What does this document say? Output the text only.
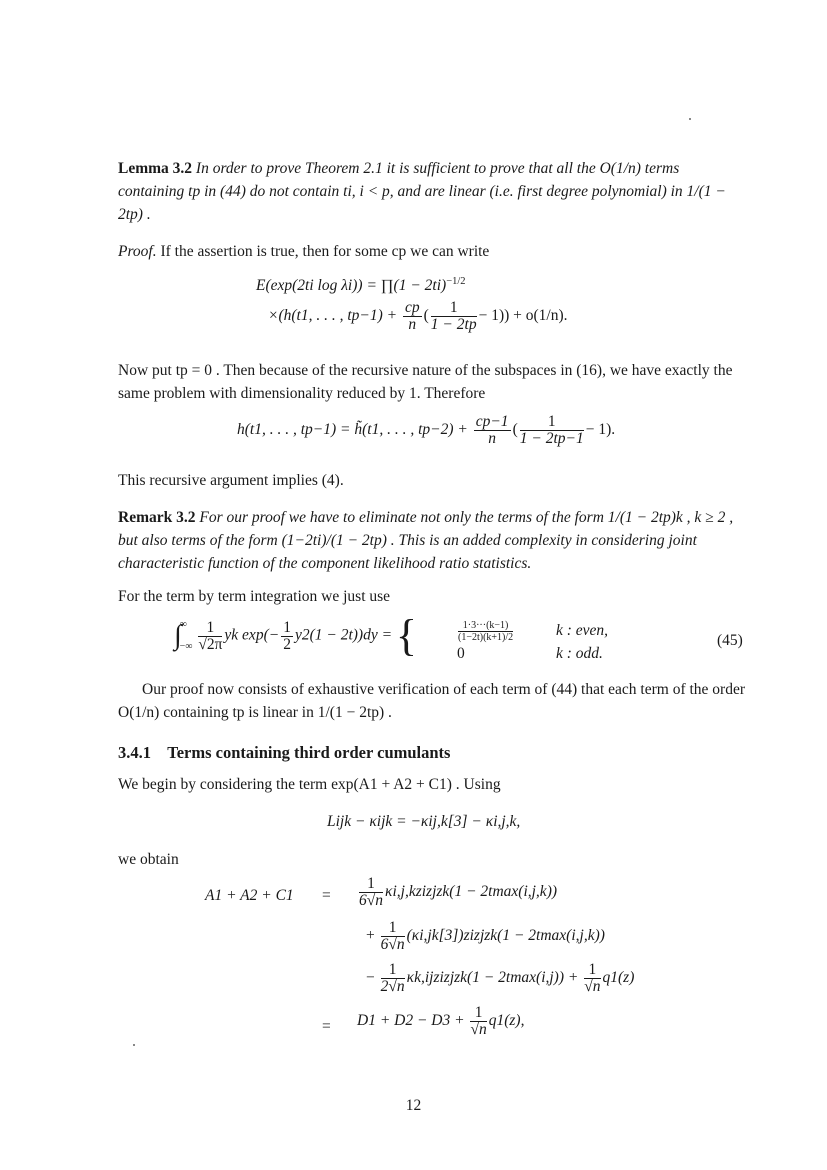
Lemma 3.2 In order to prove Theorem 2.1 it is sufficient to prove that all the O(1/n) terms containing tp in (44) do not contain ti, i < p, and are linear (i.e. first degree polynomial) in 1/(1 − 2tp) .
Proof. If the assertion is true, then for some cp we can write
E(exp(2ti log λi)) = ∏(1 − 2ti)$^{-1/2}$
×(h(t1, . . . , $tp-1) + \frac{cp}{n}$ ( $\frac{1}{1 - 2tp} - 1)) + o(1/n)$.
Now put tp = 0 . Then because of the recursive nature of the subspaces in (16), we have exactly the same problem with dimensionality reduced by 1. Therefore
h(t1, . . . , tp−1) = h̃(t1, . . . , $tp-2) + \frac{cp-1}{n}$ ( $\frac{1}{1 - 2tp-1} - 1$).
This recursive argument implies (4).
Remark 3.2 For our proof we have to eliminate not only the terms of the form 1/(1 − 2tp)k , k ≥ 2 , but also terms of the form (1−2ti)/(1 − 2tp) . This is an added complexity in considering joint characteristic function of the component likelihood ratio statistics.
For the term by term integration we just use
∫
∞
−∞
$\frac{1}{√2\pi}$ yk $\exp(- \frac{1}{2} y2(1 - 2t))dy$ = {	$\frac{1\cdot 3\cdot\cdot\cdot(k-1)}{(1-2t)(k+1)/2}$	k : even,
0	k : odd.
(45)
Our proof now consists of exhaustive verification of each term of (44) that each term of the order O(1/n) containing tp is linear in 1/(1 − 2tp) .
3.4.1 Terms containing third order cumulants
We begin by considering the term exp(A1 + A2 + C1) . Using
Lijk − κijk = −κij,k[3] − κi,j,k,
we obtain
$A1 + A2 + C1 = \frac{1}{6√n}$ κi,j,kzizjzk(1 − 2tmax(i,j,k))
+ $\frac{1}{6√n}$ (κi,jk[3])zizjzk(1 − 2tmax(i,j,k))
− $\frac{1}{2√n}$ κk,ijzizjzk(1 − $2tmax(i,j)) + \frac{1}{√n} q1(z)$
= $D1 + D2 - D3 + \frac{1}{√n} q1(z)$,
12
